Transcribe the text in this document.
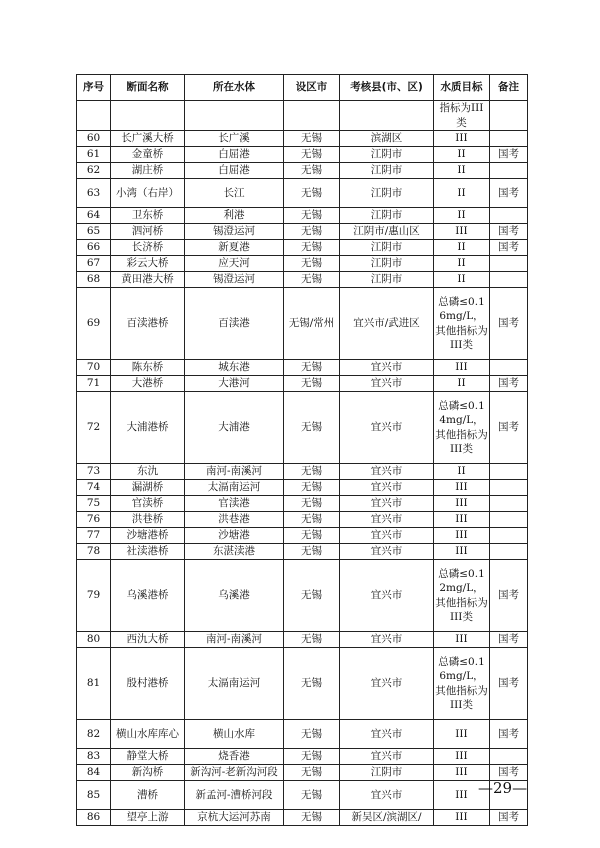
序号	断面名称	所在水体	设区市	考核县(市、区)	水质目标	备注
					指标为III类	
60	长广溪大桥	长广溪	无锡	滨湖区	III	
61	金童桥	白屈港	无锡	江阴市	II	国考
62	湖庄桥	白屈港	无锡	江阴市	II	
63	小湾（右岸）	长江	无锡	江阴市	II	国考
64	卫东桥	利港	无锡	江阴市	II	
65	泗河桥	锡澄运河	无锡	江阴市/惠山区	III	国考
66	长济桥	新夏港	无锡	江阴市	II	国考
67	彩云大桥	应天河	无锡	江阴市	II	
68	黄田港大桥	锡澄运河	无锡	江阴市	II	
69	百渎港桥	百渎港	无锡/常州	宜兴市/武进区	总磷≤0.16mg/L，其他指标为III类	国考
70	陈东桥	城东港	无锡	宜兴市	III	
71	大港桥	大港河	无锡	宜兴市	II	国考
72	大浦港桥	大浦港	无锡	宜兴市	总磷≤0.14mg/L，其他指标为III类	国考
73	东氿	南河-南溪河	无锡	宜兴市	II	
74	漏湖桥	太滆南运河	无锡	宜兴市	III	
75	官渎桥	官渎港	无锡	宜兴市	III	
76	洪巷桥	洪巷港	无锡	宜兴市	III	
77	沙塘港桥	沙塘港	无锡	宜兴市	III	
78	社渎港桥	东湛渎港	无锡	宜兴市	III	
79	乌溪港桥	乌溪港	无锡	宜兴市	总磷≤0.12mg/L，其他指标为III类	国考
80	西氿大桥	南河-南溪河	无锡	宜兴市	III	国考
81	殷村港桥	太滆南运河	无锡	宜兴市	总磷≤0.16mg/L，其他指标为III类	国考
82	横山水库库心	横山水库	无锡	宜兴市	III	国考
83	静堂大桥	烧香港	无锡	宜兴市	III	
84	新沟桥	新沟河-老新沟河段	无锡	江阴市	III	国考
85	漕桥	新孟河-漕桥河段	无锡	宜兴市	III	
86	望亭上游	京杭大运河苏南	无锡	新吴区/滨湖区/	III	国考
—29—
